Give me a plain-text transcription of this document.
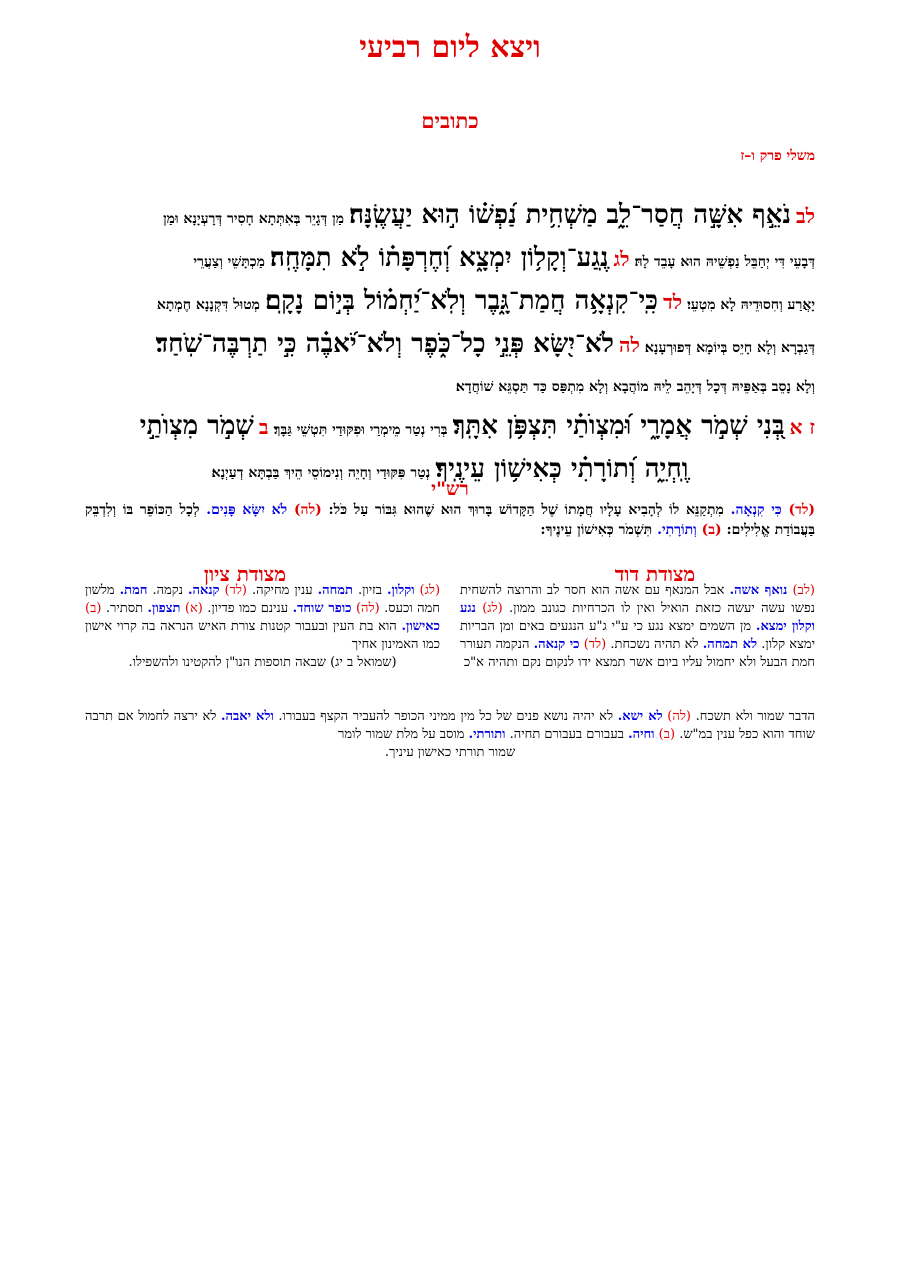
ויצא ליום רביעי
כתובים
משלי פרק ו–ז

לב נֹאֵ֣ף אִשָּׁ֣ה חֲסַר־לֵ֑ב מַשְׁחִ֥ית נַ֝פְשׁ֗וֹ ה֣וּא יַעֲשֶֽׂנָּה׃ מַן דְּגָיֵר בְּאִתְּתָא חָסִיר דְּרָעְיָנָא וּמַן

דְּבָעֵי דִּי יְחַבֵּל נַפְשֵׁיהּ הוּא עָבֵד לָהּ׃ לג נֶֽגַע־וְקָל֥וֹן יִמְצָ֑א וְ֝חֶרְפָּת֗וֹ לֹ֣א תִמָּחֶֽה׃ מַכְתָּשֵׁי וְצַעֲרֵי

יָאֲרַע וְחִסוּדֵיהּ לָא מִטְעֵי׃ לד כִּֽי־קִנְאָ֥ה חֲמַת־גָּ֑בֶר וְלֹֽא־יַ֝חְמ֗וֹל בְּי֣וֹם נָקָֽם׃ מְטוּל דִּקְנָנָא חֶמְתָא

דְּגַבְרָא וְלָא חָיֵס בְּיוֹמָא דְּפוּרְעָנָא׃ לה לֹא־יִ֭שָּׂא פְּנֵ֣י כָל־כֹּ֑פֶר וְלֹא־יֹ֝אבֶ֗ה כִּ֣י תַרְבֶּה־שֹֽׁחַד׃

וְלָא נָסֵב בְּאַפֵּיהּ דְּכָל דְּיָהֵב לֵיהּ מוֹהֲבָא וְלָא מִתְפַּס כַּד תַּסְגֵּא שׁוֹחֲדָא׃

ז א בְּ֭נִי שְׁמֹ֣ר אֲמָרָ֑י וּ֝מִצְוֺתַ֗י תִּצְפֹּ֥ן אִתָּֽךְ׃ בְּרִי נְטַר מֵימְרַי וּפִקּוּדַי תִּטְשֵׁי גַּבָּךְ׃ ב שְׁמֹ֣ר מִצְוֺתַ֣י

וֶֽחְיֵ֑ה וְ֝תוֹרָתִ֗י כְּאִישׁ֥וֹן עֵינֶֽיךָ׃ נְטַר פִּקּוּדַי וְחָיֵה וְנִימוֹסֵי הֵיךְ בַּבְתָּא דְעַיְנָא׃

רש"י
(לד) כִּי קִנְאָה. מִתְקַנֵּא לוֹ לְהָבִיא עָלָיו חֲמָתוֹ שֶׁל הַקָּדוֹשׁ בָּרוּךְ הוּא שֶׁהוּא גִּבּוֹר עַל כֹּל: (לה) לֹא יִשָּׂא פָּנִים. לְכָל הַכּוֹפֵר בּוֹ וְלִדְבֵּק בַּעֲבוֹדַת אֱלִילִים: (ב) וְתוֹרָתִי. תִּשְׁמֹר כְּאִישׁוֹן עֵינֶיךָ:
מצודת דוד
מצודת ציון
(לב) נואף אשה. אבל המנאף עם אשה הוא חסר לב והרוצה להשחית נפשו עשה יעשה כזאת הואיל ואין לו הכרחיות כגונב ממון. (לג) נגע וקלון ימצא. מן השמים ימצא נגע כי ע"י ג"ע הנגעים באים ומן הבריות ימצא קלון. לא תמחה. לא תהיה נשכחת. (לד) כי קנאה. הנקמה תעורר חמת הבעל ולא יחמול עליו ביום אשר תמצא ידו לנקום נקם ותהיה א"כ
(לג) וקלון. בזיון. תמחה. ענין מחיקה. (לד) קנאה. נקמה. חמת. מלשון חמה וכעס. (לה) כופר שוחד. ענינם כמו פדיון. (א) תצפון. תסתיר. (ב) כאישון. הוא בת העין ובעבור קטנות צורת האיש הנראה בה קרוי אישון כמו האמינון אחיך
(שמואל ב יג) שבאה תוספות הנו"ן להקטינו ולהשפילו.
הדבר שמור ולא תשכח. (לה) לא ישא. לא יהיה נושא פנים של כל מין ממיני הכופר להעביר הקצף בעבורו. ולא יאבה. לא ירצה לחמול אם תרבה שוחד והוא כפל ענין במ"ש. (ב) וחיה. בעבורם בעבורם תחיה. ותורתי. מוסב על מלת שמור לומר
שמור תורתי כאישון עיניך.
